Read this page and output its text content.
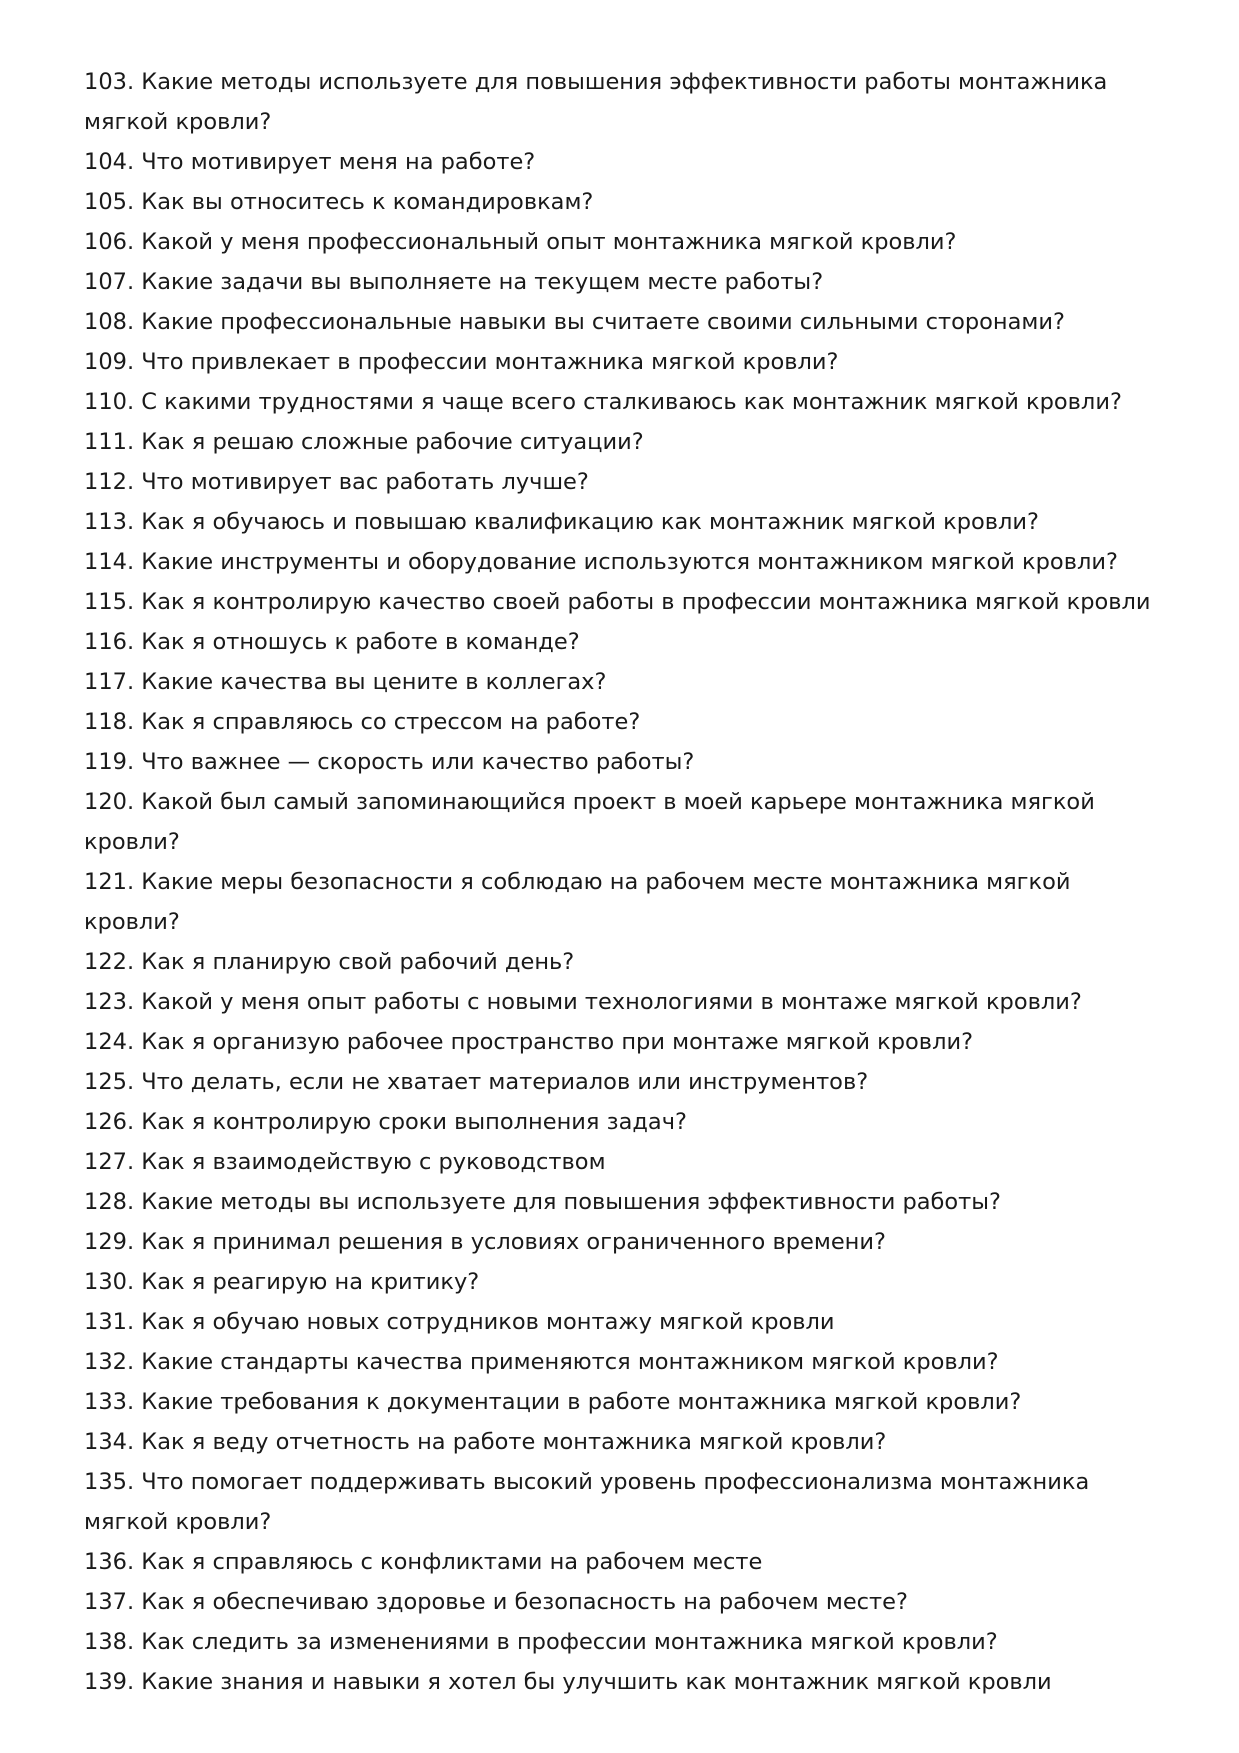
103. Какие методы используете для повышения эффективности работы монтажника мягкой кровли?

104. Что мотивирует меня на работе?

105. Как вы относитесь к командировкам?

106. Какой у меня профессиональный опыт монтажника мягкой кровли?

107. Какие задачи вы выполняете на текущем месте работы?

108. Какие профессиональные навыки вы считаете своими сильными сторонами?

109. Что привлекает в профессии монтажника мягкой кровли?

110. С какими трудностями я чаще всего сталкиваюсь как монтажник мягкой кровли?

111. Как я решаю сложные рабочие ситуации?

112. Что мотивирует вас работать лучше?

113. Как я обучаюсь и повышаю квалификацию как монтажник мягкой кровли?

114. Какие инструменты и оборудование используются монтажником мягкой кровли?

115. Как я контролирую качество своей работы в профессии монтажника мягкой кровли

116. Как я отношусь к работе в команде?

117. Какие качества вы цените в коллегах?

118. Как я справляюсь со стрессом на работе?

119. Что важнее — скорость или качество работы?

120. Какой был самый запоминающийся проект в моей карьере монтажника мягкой кровли?

121. Какие меры безопасности я соблюдаю на рабочем месте монтажника мягкой кровли?

122. Как я планирую свой рабочий день?

123. Какой у меня опыт работы с новыми технологиями в монтаже мягкой кровли?

124. Как я организую рабочее пространство при монтаже мягкой кровли?

125. Что делать, если не хватает материалов или инструментов?

126. Как я контролирую сроки выполнения задач?

127. Как я взаимодействую с руководством

128. Какие методы вы используете для повышения эффективности работы?

129. Как я принимал решения в условиях ограниченного времени?

130. Как я реагирую на критику?

131. Как я обучаю новых сотрудников монтажу мягкой кровли

132. Какие стандарты качества применяются монтажником мягкой кровли?

133. Какие требования к документации в работе монтажника мягкой кровли?

134. Как я веду отчетность на работе монтажника мягкой кровли?

135. Что помогает поддерживать высокий уровень профессионализма монтажника мягкой кровли?

136. Как я справляюсь с конфликтами на рабочем месте

137. Как я обеспечиваю здоровье и безопасность на рабочем месте?

138. Как следить за изменениями в профессии монтажника мягкой кровли?

139. Какие знания и навыки я хотел бы улучшить как монтажник мягкой кровли
